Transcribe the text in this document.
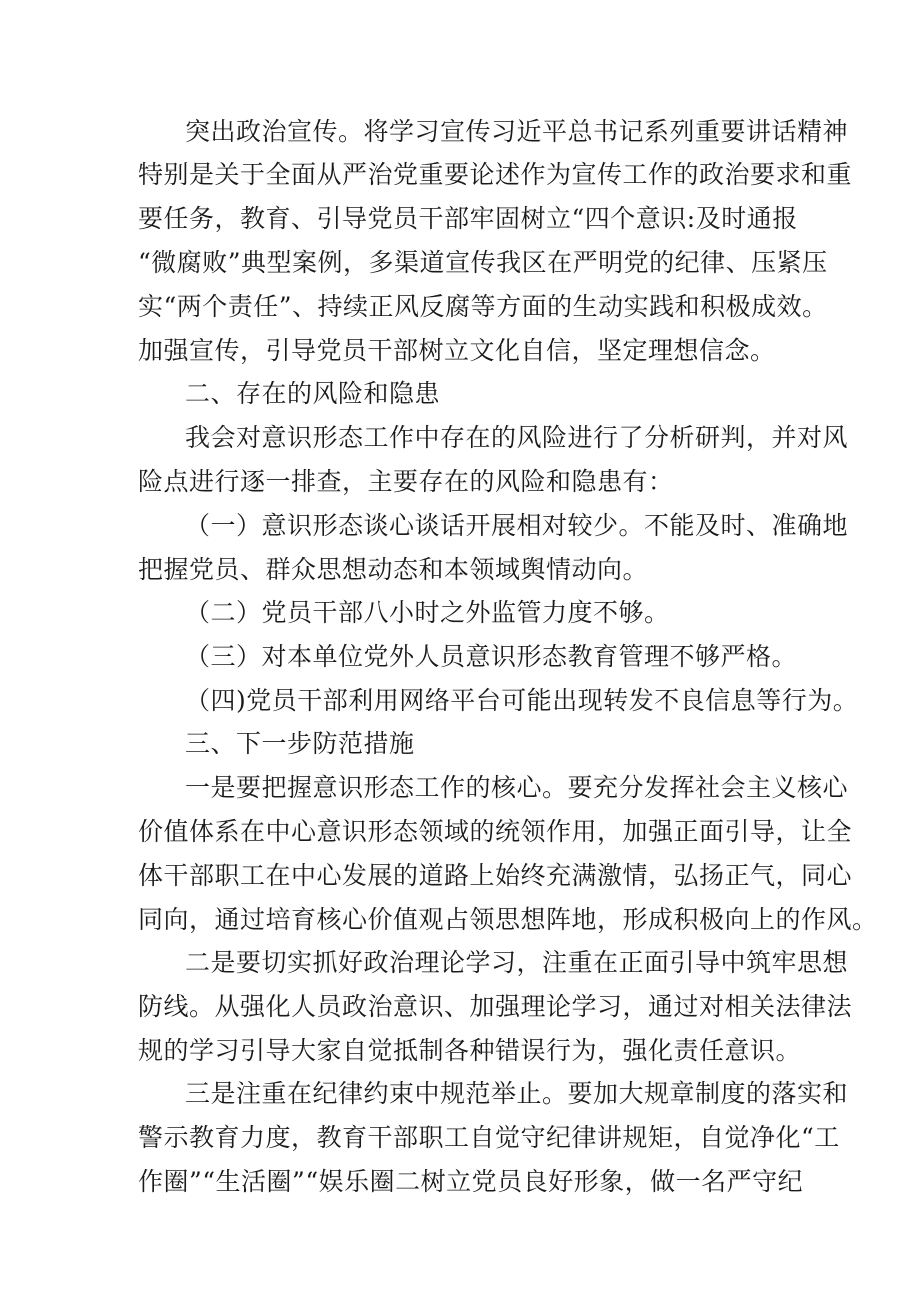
突出政治宣传。将学习宣传习近平总书记系列重要讲话精神
特别是关于全面从严治党重要论述作为宣传工作的政治要求和重
要任务，教育、引导党员干部牢固树立“四个意识:及时通报
“微腐败”典型案例，多渠道宣传我区在严明党的纪律、压紧压
实“两个责任”、持续正风反腐等方面的生动实践和积极成效。
加强宣传，引导党员干部树立文化自信，坚定理想信念。
二、存在的风险和隐患
我会对意识形态工作中存在的风险进行了分析研判，并对风
险点进行逐一排查，主要存在的风险和隐患有：
（一）意识形态谈心谈话开展相对较少。不能及时、准确地
把握党员、群众思想动态和本领域舆情动向。
（二）党员干部八小时之外监管力度不够。
（三）对本单位党外人员意识形态教育管理不够严格。
（四)党员干部利用网络平台可能出现转发不良信息等行为。
三、下一步防范措施
一是要把握意识形态工作的核心。要充分发挥社会主义核心
价值体系在中心意识形态领域的统领作用，加强正面引导，让全
体干部职工在中心发展的道路上始终充满激情，弘扬正气，同心
同向，通过培育核心价值观占领思想阵地，形成积极向上的作风。
二是要切实抓好政治理论学习，注重在正面引导中筑牢思想
防线。从强化人员政治意识、加强理论学习，通过对相关法律法
规的学习引导大家自觉抵制各种错误行为，强化责任意识。
三是注重在纪律约束中规范举止。要加大规章制度的落实和
警示教育力度，教育干部职工自觉守纪律讲规矩，自觉净化“工
作圈”“生活圈”“娱乐圈二树立党员良好形象，做一名严守纪
